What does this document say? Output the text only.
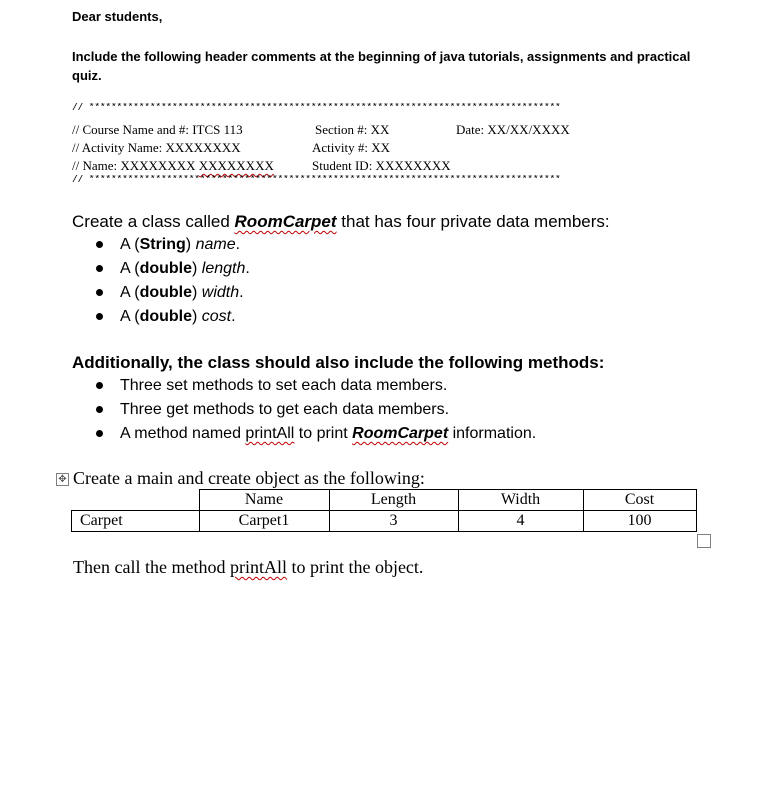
Dear students,
Include the following header comments at the beginning of java tutorials, assignments and practical quiz.
// *************************************************************************************
// Course Name and #: ITCS 113	Section #: XX	Date: XX/XX/XXXX
// Activity Name: XXXXXXXX	Activity #: XX
// Name: XXXXXXXX XXXXXXXX	Student ID: XXXXXXXX
// *************************************************************************************
Create a class called RoomCarpet that has four private data members:
A (String) name.
A (double) length.
A (double) width.
A (double) cost.
Additionally, the class should also include the following methods:
Three set methods to set each data members.
Three get methods to get each data members.
A method named printAll to print RoomCarpet information.
✥ Create a main and create object as the following:
	Name	Length	Width	Cost
Carpet	Carpet1	3	4	100
Then call the method printAll to print the object.
